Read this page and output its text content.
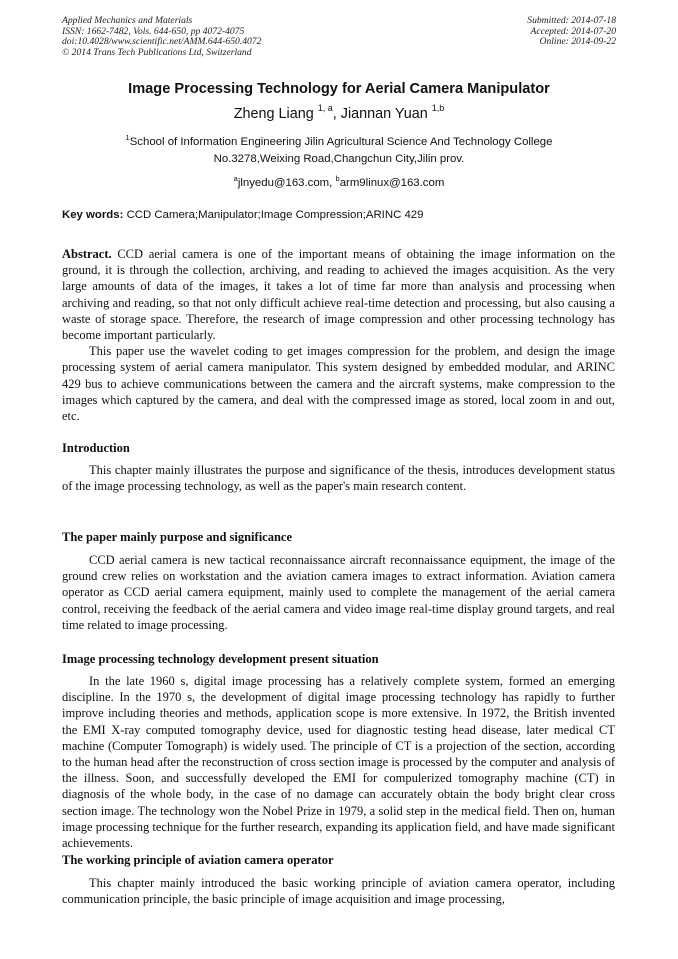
Applied Mechanics and Materials
ISSN: 1662-7482, Vols. 644-650, pp 4072-4075
doi:10.4028/www.scientific.net/AMM.644-650.4072
© 2014 Trans Tech Publications Ltd, Switzerland
Submitted: 2014-07-18
Accepted: 2014-07-20
Online: 2014-09-22
Image Processing Technology for Aerial Camera Manipulator
Zheng Liang $^{1, a}$, Jiannan Yuan $^{1,b}$
$^1$School of Information Engineering Jilin Agricultural Science And Technology College
No.3278,Weixing Road,Changchun City,Jilin prov.
$^a$jlnyedu@163.com, $^b$arm9linux@163.com
Key words: CCD Camera;Manipulator;Image Compression;ARINC 429

Abstract. CCD aerial camera is one of the important means of obtaining the image information on the ground, it is through the collection, archiving, and reading to achieved the images acquisition. As the very large amounts of data of the images, it takes a lot of time far more than analysis and processing when archiving and reading, so that not only difficult achieve real-time detection and processing, but also causing a waste of storage space. Therefore, the research of image compression and other processing technology has become important particularly.

This paper use the wavelet coding to get images compression for the problem, and design the image processing system of aerial camera manipulator. This system designed by embedded modular, and ARINC 429 bus to achieve communications between the camera and the aircraft systems, make compression to the images which captured by the camera, and deal with the compressed image as stored, local zoom in and out, etc.

Introduction

This chapter mainly illustrates the purpose and significance of the thesis, introduces development status of the image processing technology, as well as the paper's main research content.

The paper mainly purpose and significance

CCD aerial camera is new tactical reconnaissance aircraft reconnaissance equipment, the image of the ground crew relies on workstation and the aviation camera images to extract information. Aviation camera operator as CCD aerial camera equipment, mainly used to complete the management of the aerial camera control, receiving the feedback of the aerial camera and video image real-time display ground targets, and real time related to image processing.

Image processing technology development present situation

In the late 1960 s, digital image processing has a relatively complete system, formed an emerging discipline. In the 1970 s, the development of digital image processing technology has rapidly to further improve including theories and methods, application scope is more extensive. In 1972, the British invented the EMI X-ray computed tomography device, used for diagnostic testing head disease, later medical CT machine (Computer Tomograph) is widely used. The principle of CT is a projection of the section, according to the human head after the reconstruction of cross section image is processed by the computer and analysis of the illness. Soon, and successfully developed the EMI for compulerized tomography machine (CT) in diagnosis of the whole body, in the case of no damage can accurately obtain the body bright clear cross section image. The technology won the Nobel Prize in 1979, a solid step in the medical field. Then on, human image processing technique for the further research, expanding its application field, and have made significant achievements.

The working principle of aviation camera operator

This chapter mainly introduced the basic working principle of aviation camera operator, including communication principle, the basic principle of image acquisition and image processing,
